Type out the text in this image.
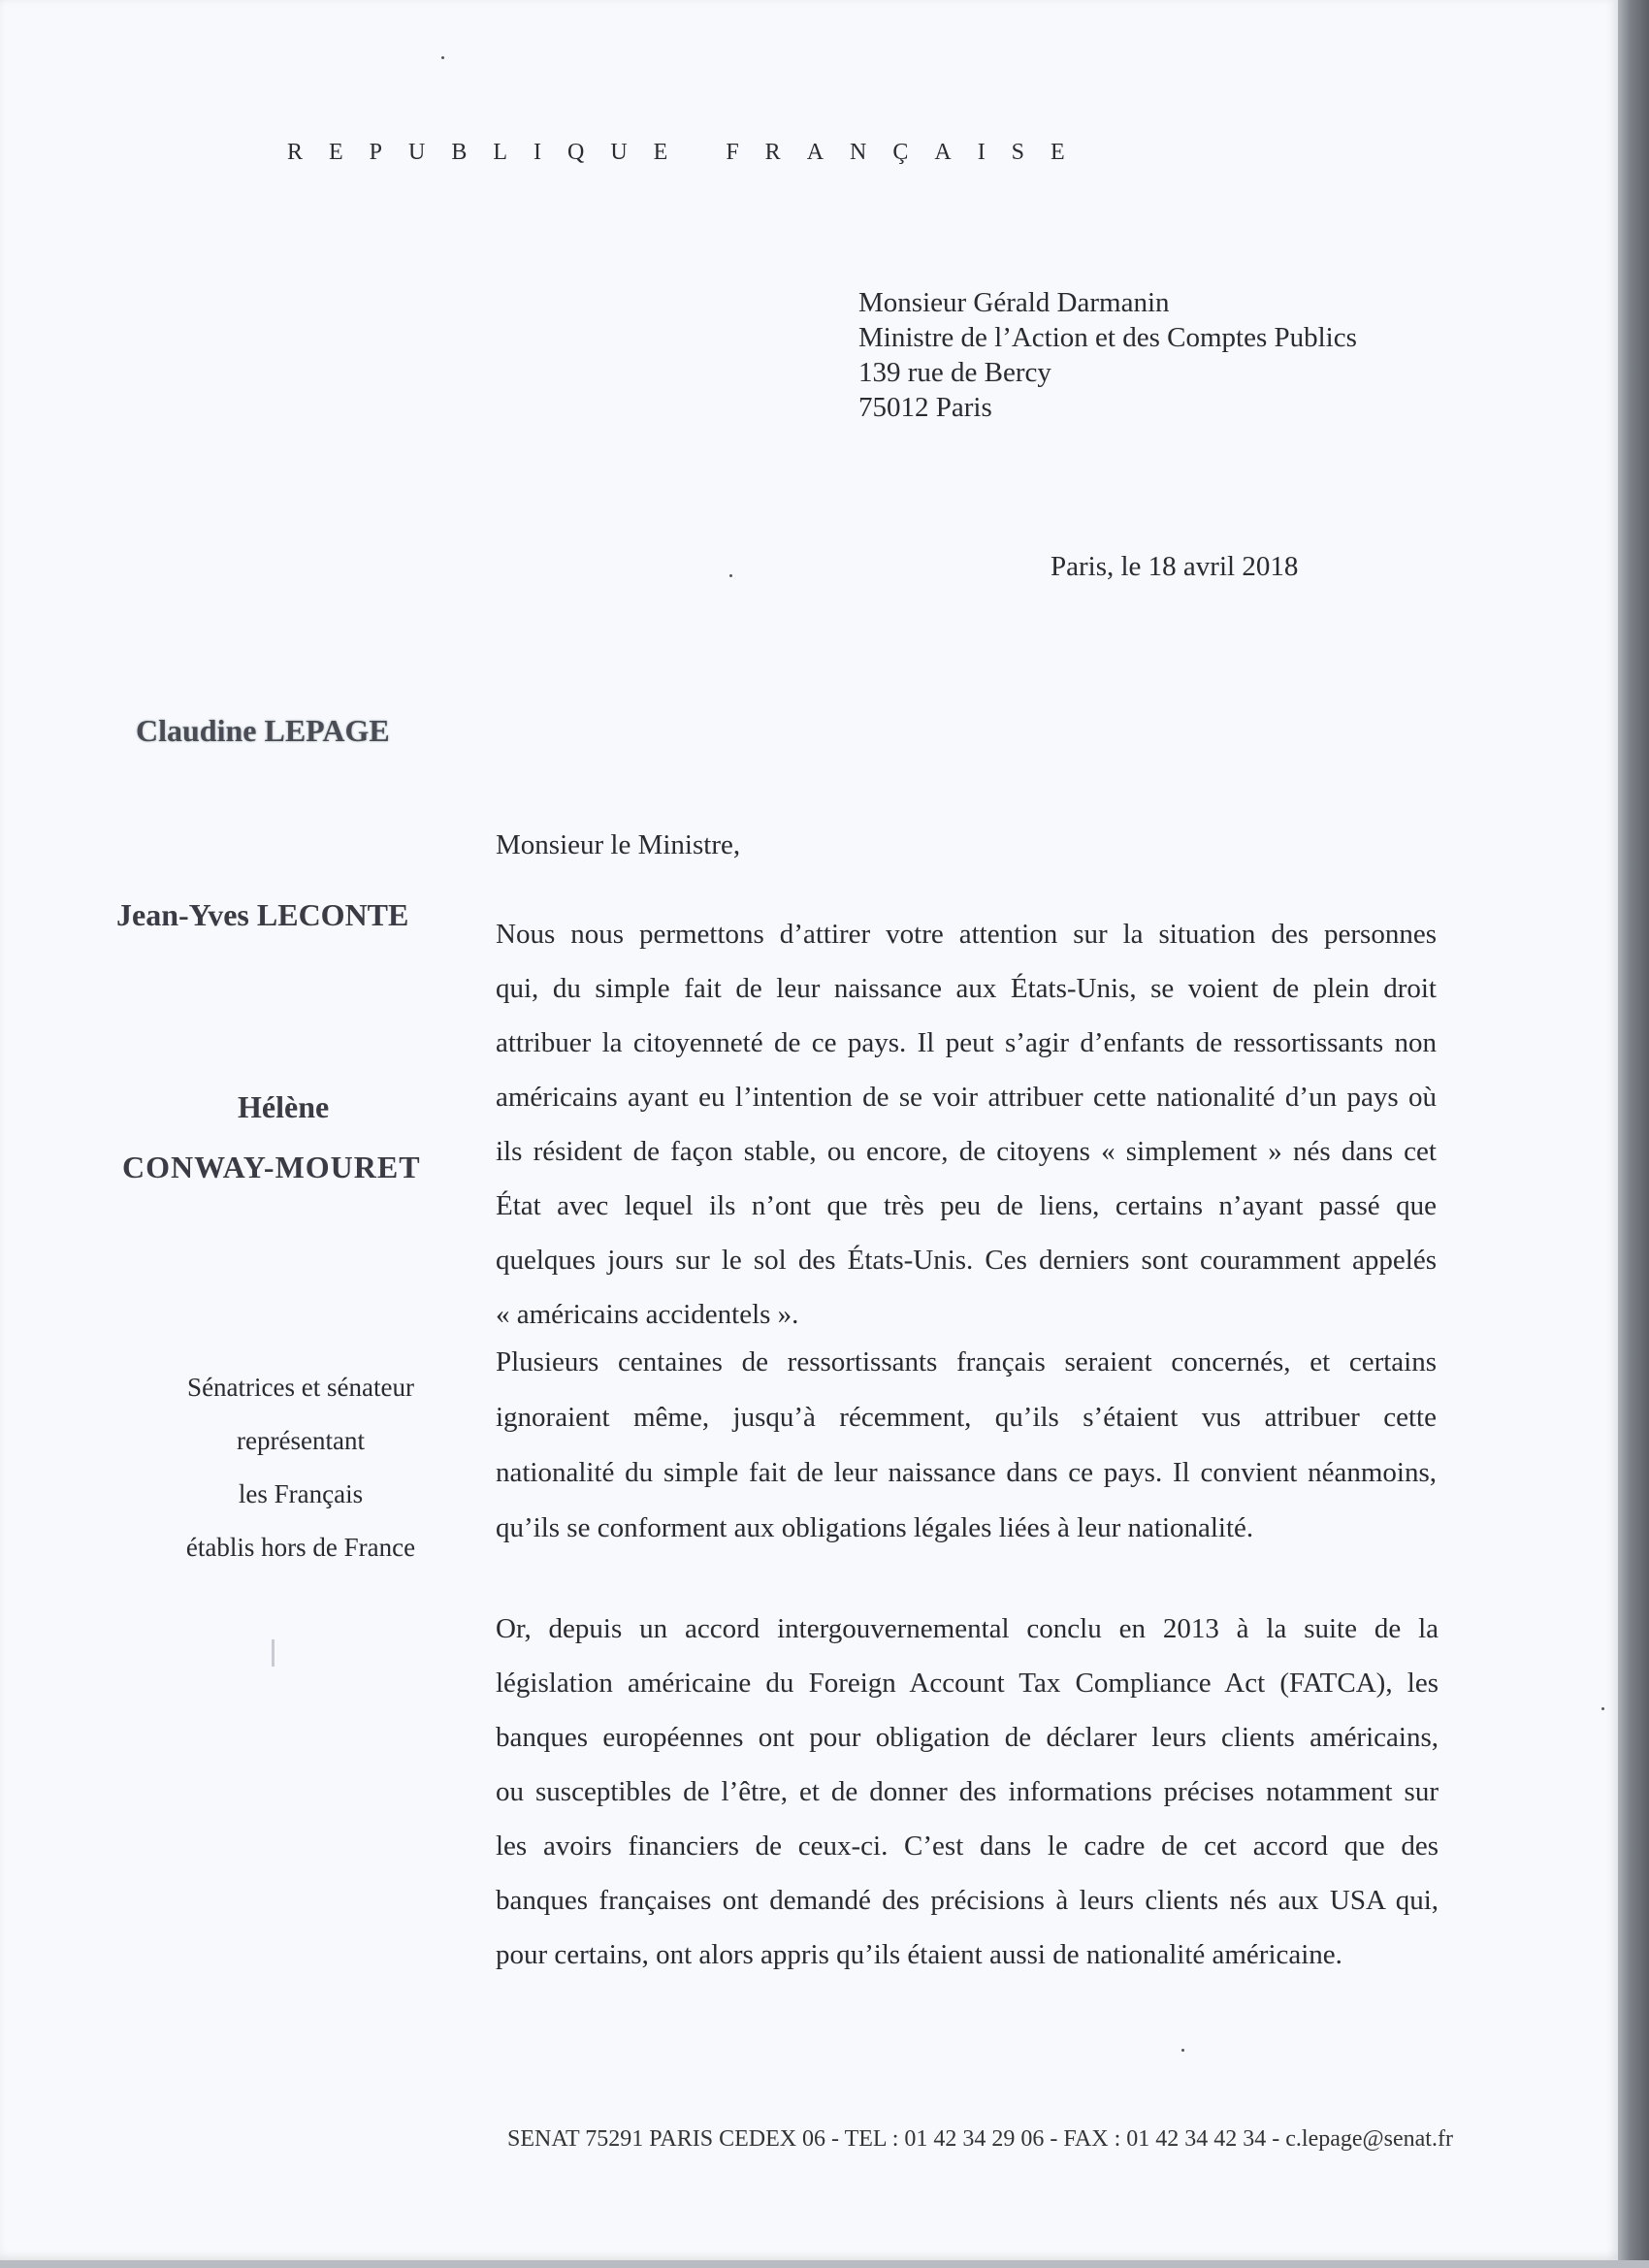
REPUBLIQUE FRANÇAISE
Monsieur Gérald Darmanin
Ministre de l’Action et des Comptes Publics
139 rue de Bercy
75012 Paris
Paris, le 18 avril 2018
Claudine LEPAGE
Jean-Yves LECONTE
Hélène
CONWAY-MOURET
Sénatrices et sénateur
représentant
les Français
établis hors de France
Monsieur le Ministre,
Nous nous permettons d’attirer votre attention sur la situation des personnes
qui, du simple fait de leur naissance aux États-Unis, se voient de plein droit
attribuer la citoyenneté de ce pays. Il peut s’agir d’enfants de ressortissants non
américains ayant eu l’intention de se voir attribuer cette nationalité d’un pays où
ils résident de façon stable, ou encore, de citoyens « simplement » nés dans cet
État avec lequel ils n’ont que très peu de liens, certains n’ayant passé que
quelques jours sur le sol des États-Unis. Ces derniers sont couramment appelés
« américains accidentels ».
Plusieurs centaines de ressortissants français seraient concernés, et certains
ignoraient même, jusqu’à récemment, qu’ils s’étaient vus attribuer cette
nationalité du simple fait de leur naissance dans ce pays. Il convient néanmoins,
qu’ils se conforment aux obligations légales liées à leur nationalité.
Or, depuis un accord intergouvernemental conclu en 2013 à la suite de la
législation américaine du Foreign Account Tax Compliance Act (FATCA), les
banques européennes ont pour obligation de déclarer leurs clients américains,
ou susceptibles de l’être, et de donner des informations précises notamment sur
les avoirs financiers de ceux-ci. C’est dans le cadre de cet accord que des
banques françaises ont demandé des précisions à leurs clients nés aux USA qui,
pour certains, ont alors appris qu’ils étaient aussi de nationalité américaine.
SENAT 75291 PARIS CEDEX 06 - TEL : 01 42 34 29 06 - FAX : 01 42 34 42 34 - c.lepage@senat.fr
